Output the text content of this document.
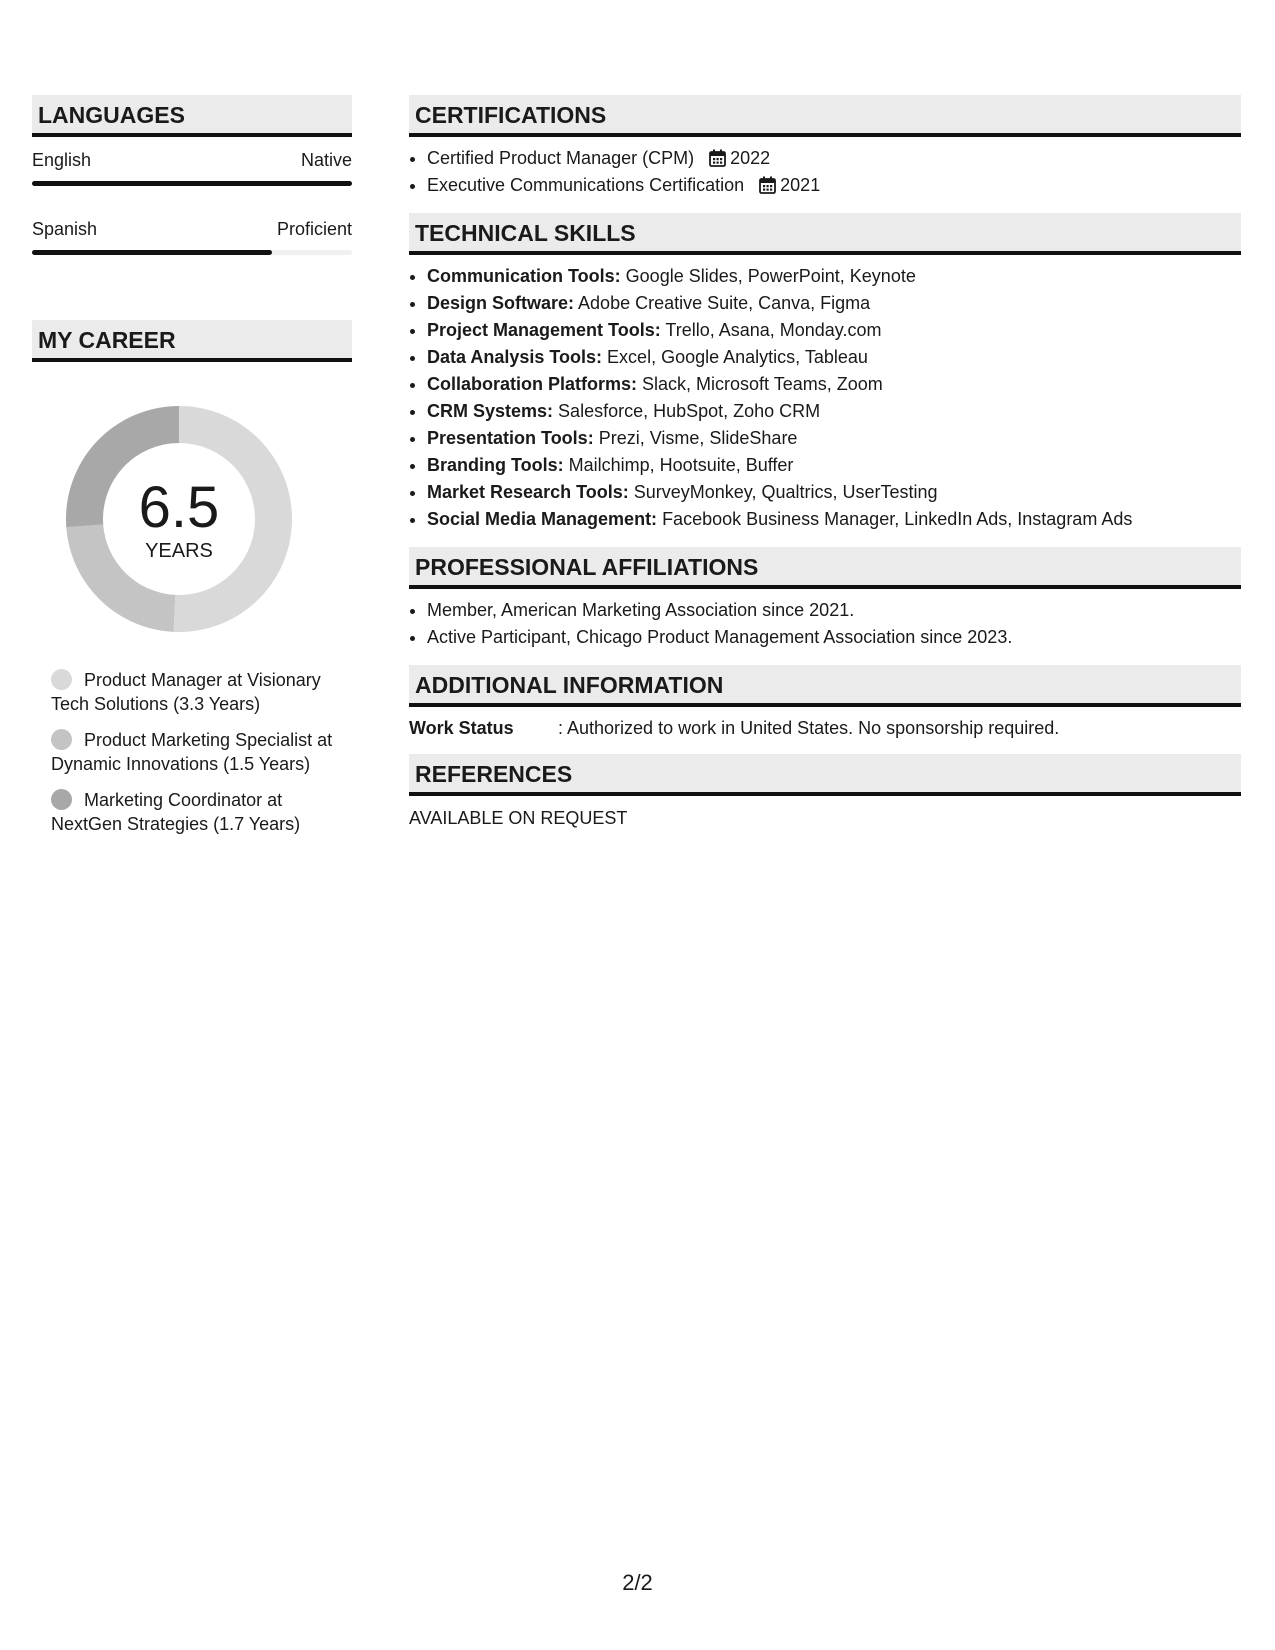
LANGUAGES
English	Native
Spanish	Proficient
MY CAREER
6.5
YEARS
Product Manager at Visionary Tech Solutions (3.3 Years)
Product Marketing Specialist at Dynamic Innovations (1.5 Years)
Marketing Coordinator at NextGen Strategies (1.7 Years)
CERTIFICATIONS
• Certified Product Manager (CPM) 2022
• Executive Communications Certification 2021
TECHNICAL SKILLS
• Communication Tools: Google Slides, PowerPoint, Keynote
• Design Software: Adobe Creative Suite, Canva, Figma
• Project Management Tools: Trello, Asana, Monday.com
• Data Analysis Tools: Excel, Google Analytics, Tableau
• Collaboration Platforms: Slack, Microsoft Teams, Zoom
• CRM Systems: Salesforce, HubSpot, Zoho CRM
• Presentation Tools: Prezi, Visme, SlideShare
• Branding Tools: Mailchimp, Hootsuite, Buffer
• Market Research Tools: SurveyMonkey, Qualtrics, UserTesting
• Social Media Management: Facebook Business Manager, LinkedIn Ads, Instagram Ads
PROFESSIONAL AFFILIATIONS
• Member, American Marketing Association since 2021.
• Active Participant, Chicago Product Management Association since 2023.
ADDITIONAL INFORMATION
Work Status : Authorized to work in United States. No sponsorship required.
REFERENCES
AVAILABLE ON REQUEST
2/2
